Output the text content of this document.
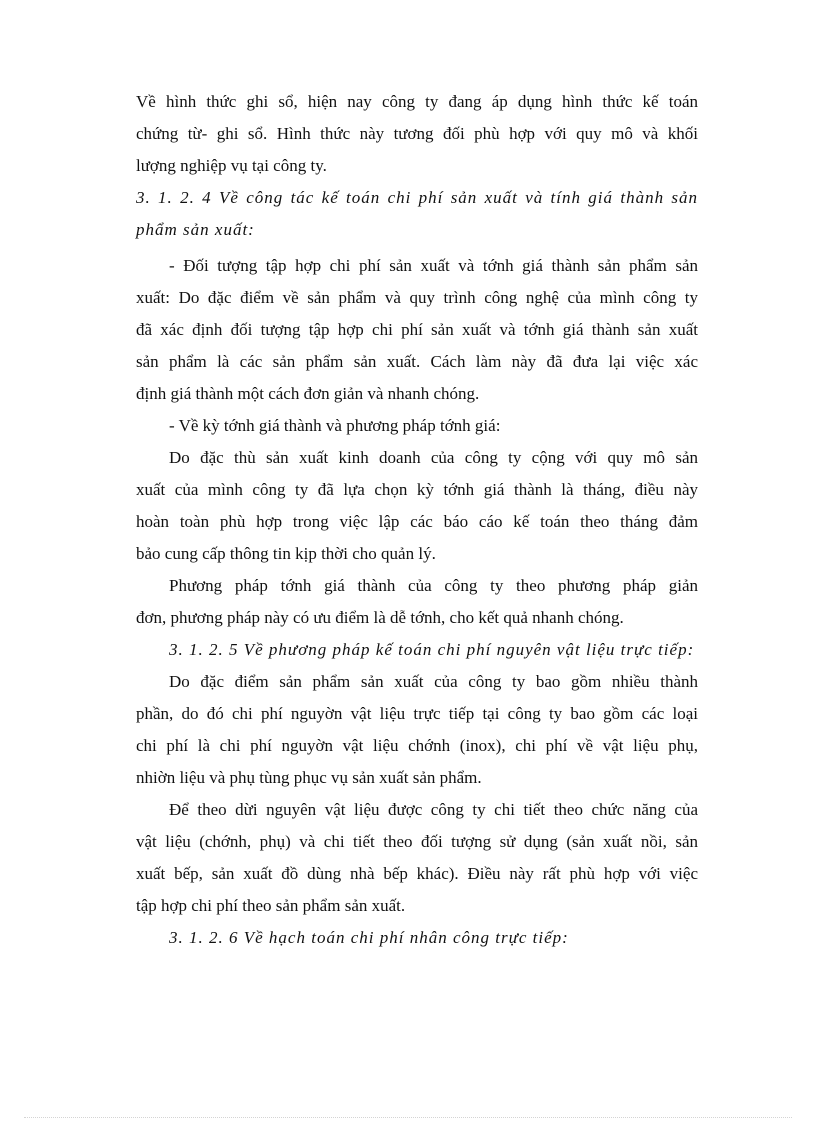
Về hình thức ghi sổ, hiện nay công ty đang áp dụng hình thức kế toán
chứng từ- ghi sổ. Hình thức này tương đối phù hợp với quy mô và khối
lượng nghiệp vụ tại công ty.
3. 1. 2. 4 Về công tác kế toán chi phí sản xuất và tính giá thành sản
phẩm sản xuất:
- Đối tượng tập hợp chi phí sản xuất và tớnh giá thành sản phẩm sản
xuất: Do đặc điểm về sản phẩm và quy trình công nghệ của mình công ty
đã xác định đối tượng tập hợp chi phí sản xuất và tớnh giá thành sản xuất
sản phẩm là các sản phẩm sản xuất. Cách làm này đã đưa lại việc xác
định giá thành một cách đơn giản và nhanh chóng.
- Về kỳ tớnh giá thành và phương pháp tớnh giá:
Do đặc thù sản xuất kinh doanh của công ty cộng với quy mô sản
xuất của mình công ty đã lựa chọn kỳ tớnh giá thành là tháng, điều này
hoàn toàn phù hợp trong việc lập các báo cáo kế toán theo tháng đảm
bảo cung cấp thông tin kịp thời cho quản lý.
Phương pháp tớnh giá thành của công ty theo phương pháp giản
đơn, phương pháp này có ưu điểm là dễ tớnh, cho kết quả nhanh chóng.
3. 1. 2. 5 Về phương pháp kế toán chi phí nguyên vật liệu trực tiếp:
Do đặc điểm sản phẩm sản xuất của công ty bao gồm nhiều thành
phần, do đó chi phí nguyờn vật liệu trực tiếp tại công ty bao gồm các loại
chi phí là chi phí nguyờn vật liệu chớnh (inox), chi phí về vật liệu phụ,
nhiờn liệu và phụ tùng phục vụ sản xuất sản phẩm.
Để theo dừi nguyên vật liệu được công ty chi tiết theo chức năng của
vật liệu (chớnh, phụ) và chi tiết theo đối tượng sử dụng (sản xuất nồi, sản
xuất bếp, sản xuất đồ dùng nhà bếp khác). Điều này rất phù hợp với việc
tập hợp chi phí theo sản phẩm sản xuất.
3. 1. 2. 6 Về hạch toán chi phí nhân công trực tiếp:
